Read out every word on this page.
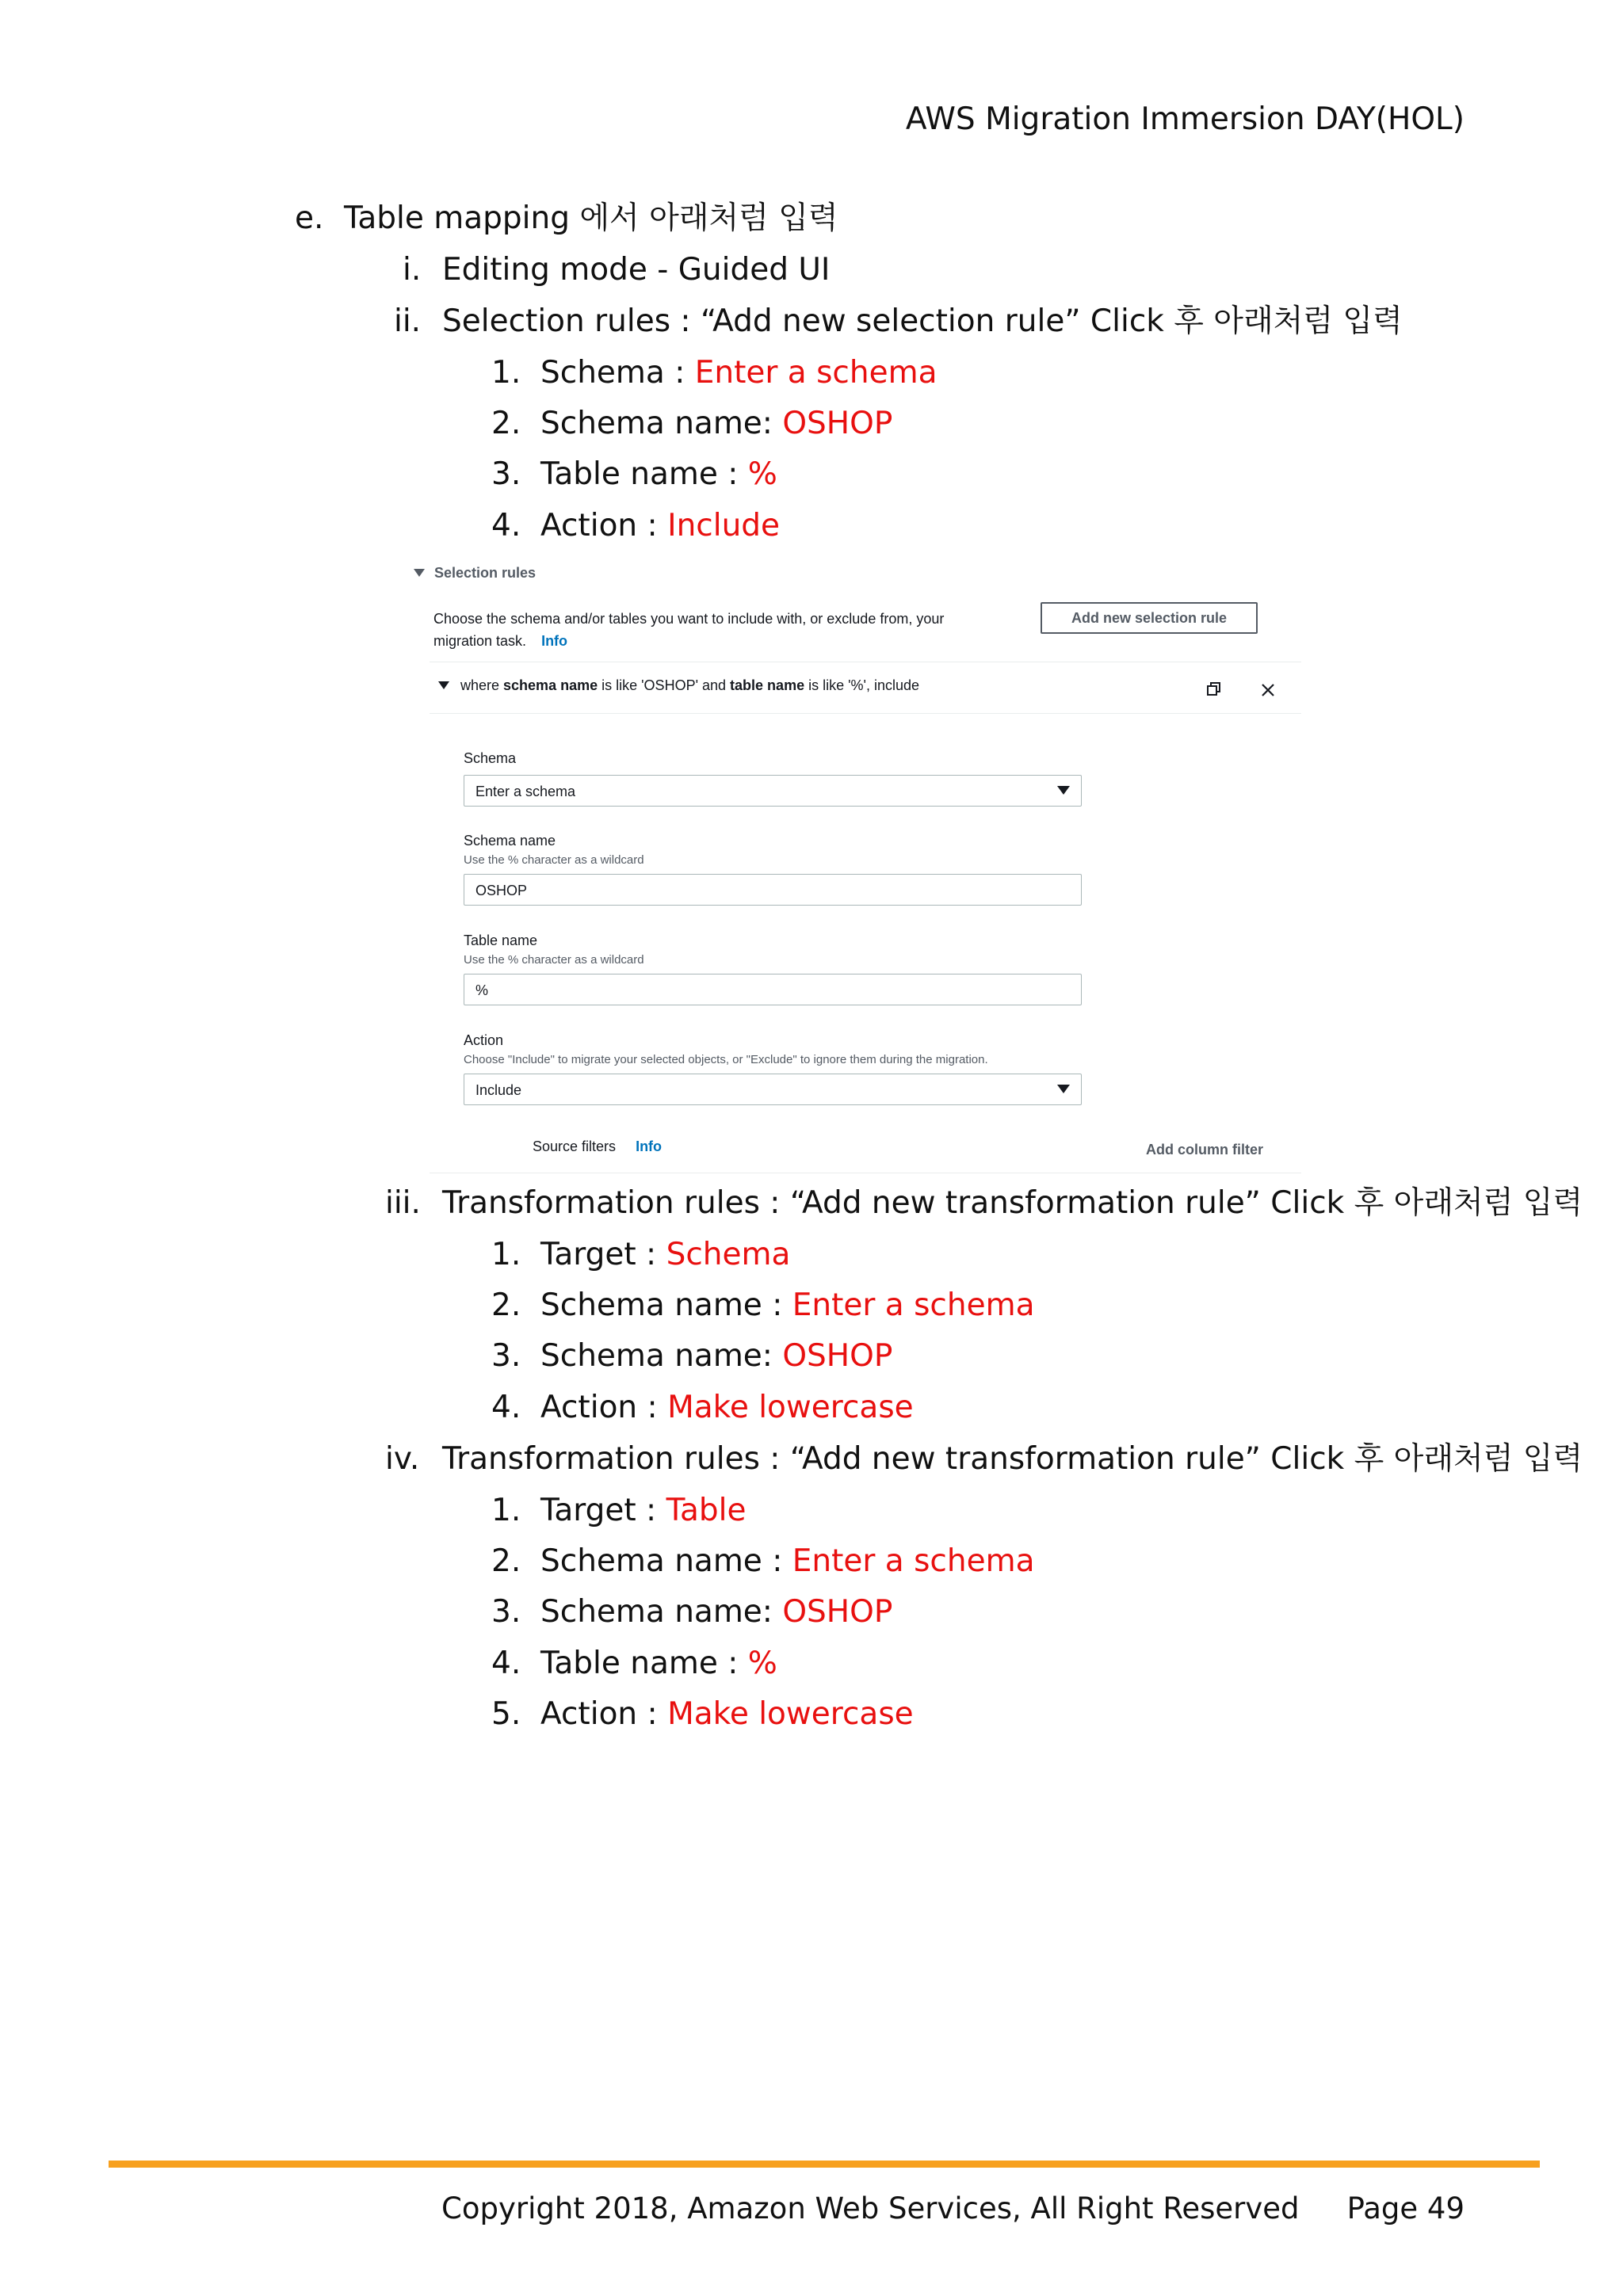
AWS Migration Immersion DAY(HOL)
e. Table mapping 에서 아래처럼 입력
i. Editing mode - Guided UI
ii. Selection rules : “Add new selection rule” Click 후 아래처럼 입력
1. Schema : Enter a schema
2. Schema name: OSHOP
3. Table name : %
4. Action : Include
Selection rules
Choose the schema and/or tables you want to include with, or exclude from, your
migration task. Info
Add new selection rule
where schema name is like 'OSHOP' and table name is like '%', include
Schema
Enter a schema
Schema name
Use the % character as a wildcard
OSHOP
Table name
Use the % character as a wildcard
%
Action
Choose "Include" to migrate your selected objects, or "Exclude" to ignore them during the migration.
Include
Source filters Info	Add column filter
iii. Transformation rules : “Add new transformation rule” Click 후 아래처럼 입력
1. Target : Schema
2. Schema name : Enter a schema
3. Schema name: OSHOP
4. Action : Make lowercase
iv. Transformation rules : “Add new transformation rule” Click 후 아래처럼 입력
1. Target : Table
2. Schema name : Enter a schema
3. Schema name: OSHOP
4. Table name : %
5. Action : Make lowercase
Copyright 2018, Amazon Web Services, All Right Reserved Page 49
